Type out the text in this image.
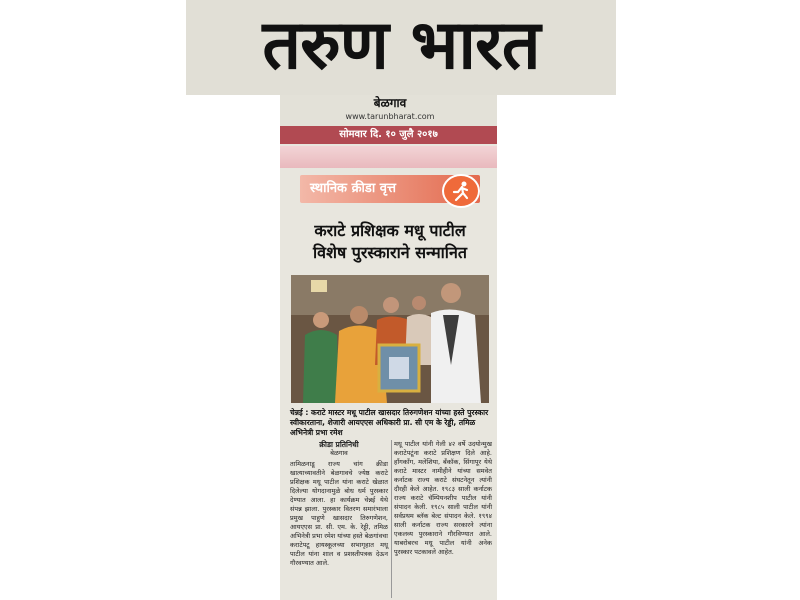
तरुण भारत
बेळगाव
www.tarunbharat.com
सोमवार दि. १० जुलै २०१७
स्थानिक क्रीडा वृत्त
कराटे प्रशिक्षक मधू पाटील
विशेष पुरस्काराने सन्मानित
चेन्नई : कराटे मास्टर मधू पाटील खासदार तिरुगणेशन यांच्या हस्ते पुरस्कार स्वीकारताना, शेजारी आयएएस अधिकारी प्रा. सी एम के रेड्डी, तमिळ अभिनेत्री प्रभा रमेश
क्रीडा प्रतिनिधी
बेळगाव
तामिळनाडू राज्य चांग क्रीडा खात्याच्यावतीने बेळगावचे ज्येष्ठ कराटे प्रशिक्षक मधू पाटील यांना कराटे खेळात दिलेल्या योगदानामुळे बोध धर्म पुरस्कार देण्यात आला. हा कार्यक्रम चेन्नई येथे संपन्न झाला. पुरस्कार वितरण समारंभाला प्रमुख पाहुणे खासदार तिरुगणेशन, आयएएस प्रा. सी. एम. के. रेड्डी, तमिळ अभिनेत्री प्रभा रमेश यांच्या हस्ते बेळगांवचा कराटेपटू हायस्कूलच्या सभागृहात मधू पाटील यांना शाल व प्रशस्तीपत्रक देऊन गौरवण्यात आले.
मधू पाटील यांनी गेली ४२ वर्षे उदयोन्मुख कराटेपटूंना कराटे प्रशिक्षण दिले आहे. हॉंगकॉंग, मलेशिया, बँकॉक, सिंगापूर येथे कराटे मास्टर नामीहीने यांच्या समवेत कर्नाटक राज्य कराटे संघटनेतून त्यांनी दौरही केले आहेत. १९८३ साली कर्नाटक राज्य कराटे चॅम्पियनशीप पाटील यांनी संपादन केली. १९८५ साली पाटील यांनी सर्वप्रथम ब्लॅक बेल्ट संपादन केले. १९९४ साली कर्नाटक राज्य सरकारने त्यांना एकलव्य पुरस्काराने गौरविण्यात आले. याबरोबरच मधू पाटील यांनी अनेक पुरस्कार पटकावले आहेत.
